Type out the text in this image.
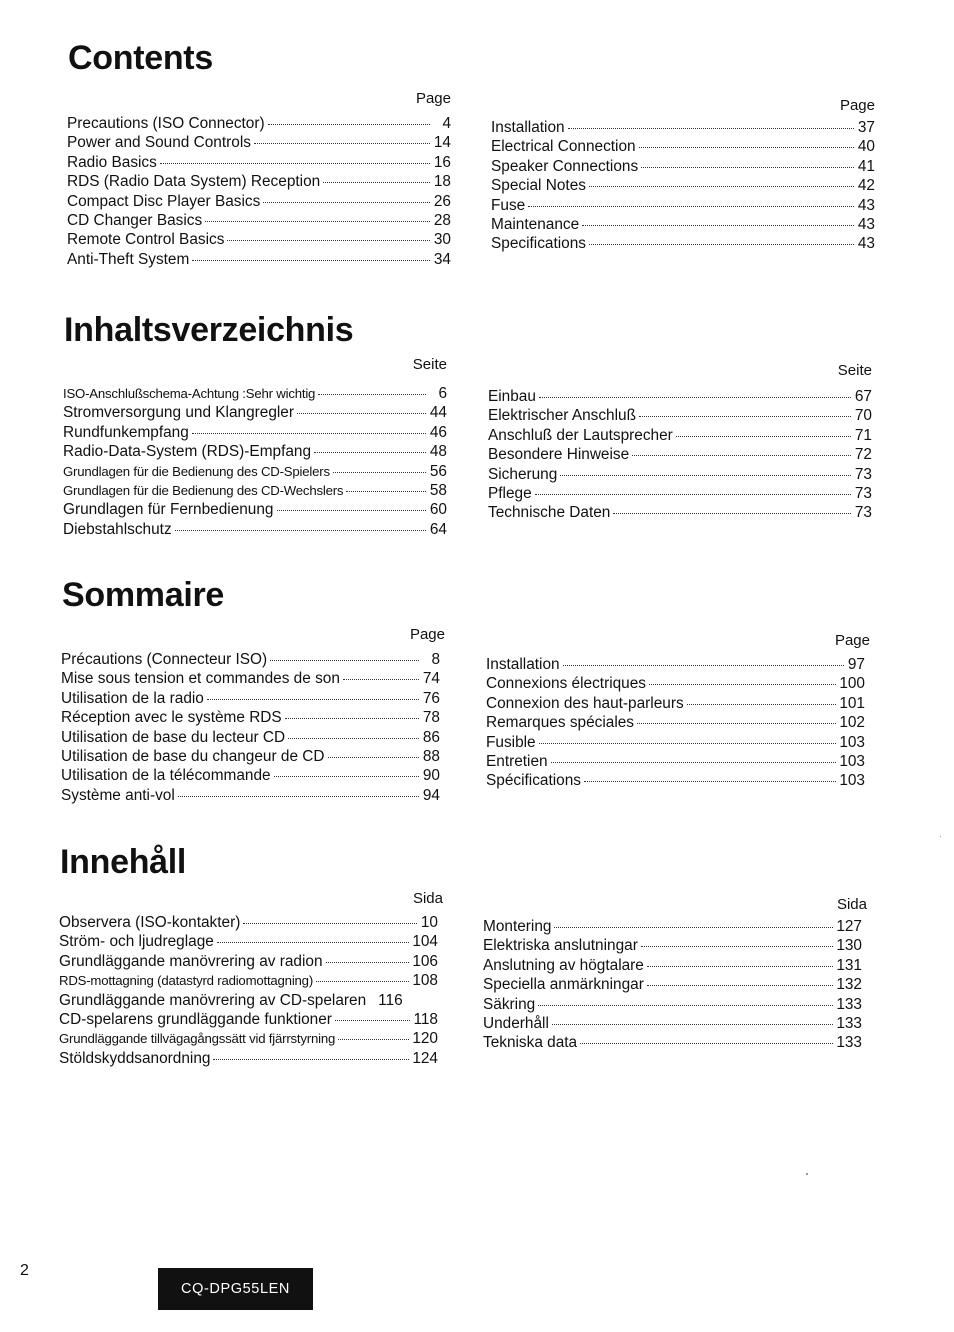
Contents
Page
Precautions (ISO Connector)	4
Power and Sound Controls	14
Radio Basics	16
RDS (Radio Data System) Reception	18
Compact Disc Player Basics	26
CD Changer Basics	28
Remote Control Basics	30
Anti-Theft System	34
Page
Installation	37
Electrical Connection	40
Speaker Connections	41
Special Notes	42
Fuse	43
Maintenance	43
Specifications	43
Inhaltsverzeichnis
Seite
ISO-Anschlußschema-Achtung :Sehr wichtig	6
Stromversorgung und Klangregler	44
Rundfunkempfang	46
Radio-Data-System (RDS)-Empfang	48
Grundlagen für die Bedienung des CD-Spielers	56
Grundlagen für die Bedienung des CD-Wechslers	58
Grundlagen für Fernbedienung	60
Diebstahlschutz	64
Seite
Einbau	67
Elektrischer Anschluß	70
Anschluß der Lautsprecher	71
Besondere Hinweise	72
Sicherung	73
Pflege	73
Technische Daten	73
Sommaire
Page
Précautions (Connecteur ISO)	8
Mise sous tension et commandes de son	74
Utilisation de la radio	76
Réception avec le système RDS	78
Utilisation de base du lecteur CD	86
Utilisation de base du changeur de CD	88
Utilisation de la télécommande	90
Système anti-vol	94
Page
Installation	97
Connexions électriques	100
Connexion des haut-parleurs	101
Remarques spéciales	102
Fusible	103
Entretien	103
Spécifications	103
Innehåll
Sida
Observera (ISO-kontakter)	10
Ström- och ljudreglage	104
Grundläggande manövrering av radion	106
RDS-mottagning (datastyrd radiomottagning)	108
Grundläggande manövrering av CD-spelaren 116
CD-spelarens grundläggande funktioner	118
Grundläggande tillvägagångssätt vid fjärrstyrning	120
Stöldskyddsanordning	124
Sida
Montering	127
Elektriska anslutningar	130
Anslutning av högtalare	131
Speciella anmärkningar	132
Säkring	133
Underhåll	133
Tekniska data	133
2
CQ-DPG55LEN
